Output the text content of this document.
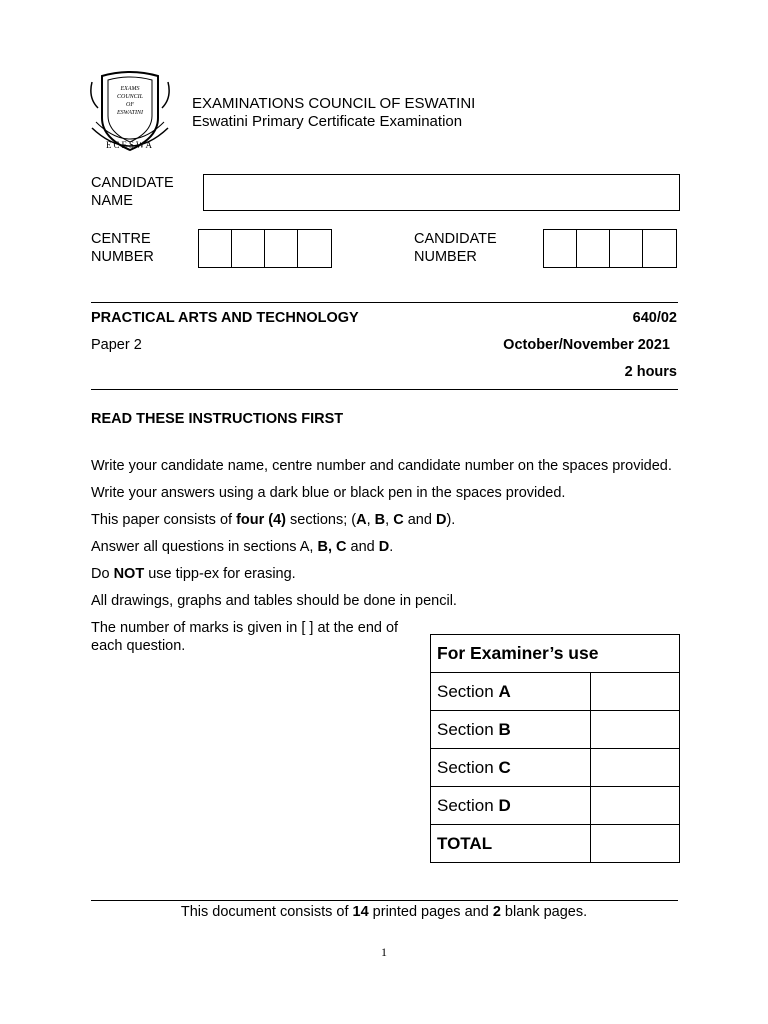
EXAMS
COUNCIL
OF
ESWATINI
ECESWA
EXAMINATIONS COUNCIL OF ESWATINI
Eswatini Primary Certificate Examination
CANDIDATE
NAME
CENTRE
NUMBER
CANDIDATE
NUMBER
PRACTICAL ARTS AND TECHNOLOGY	640/02
Paper 2	October/November 2021
2 hours
READ THESE INSTRUCTIONS FIRST
Write your candidate name, centre number and candidate number on the spaces provided.
Write your answers using a dark blue or black pen in the spaces provided.
This paper consists of four (4) sections; (A, B, C and D).
Answer all questions in sections A, B, C and D.
Do NOT use tipp-ex for erasing.
All drawings, graphs and tables should be done in pencil.
The number of marks is given in [ ] at the end of
each question.	For Examiner’s use	
Section A	
Section B	
Section C	
Section D	
TOTAL	
This document consists of 14 printed pages and 2 blank pages.
1
